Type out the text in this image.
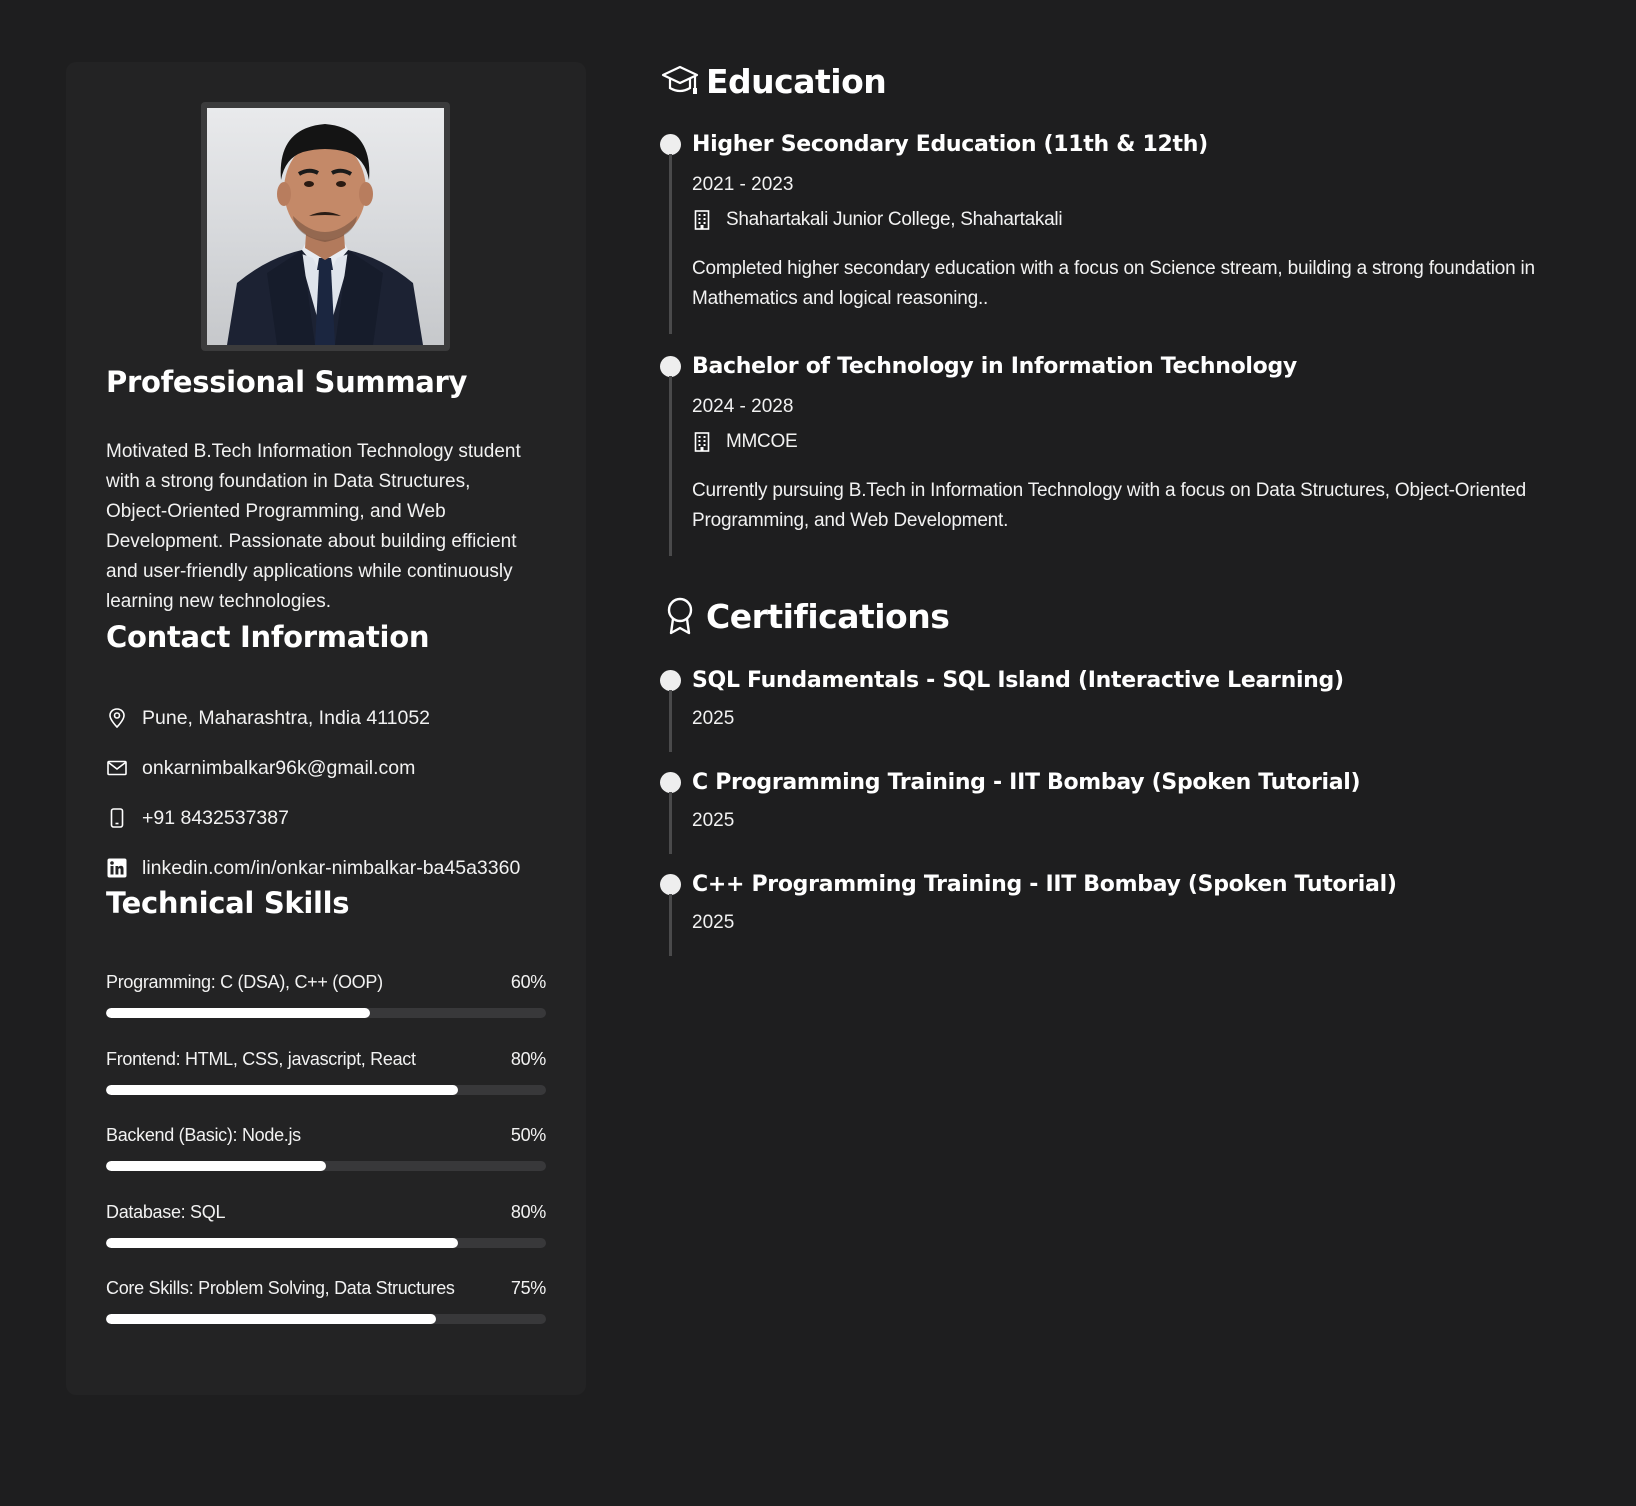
Professional Summary
Motivated B.Tech Information Technology student with a strong foundation in Data Structures, Object-Oriented Programming, and Web Development. Passionate about building efficient and user-friendly applications while continuously learning new technologies.
Contact Information
Pune, Maharashtra, India 411052
onkarnimbalkar96k@gmail.com
+91 8432537387
linkedin.com/in/onkar-nimbalkar-ba45a3360
Technical Skills
Programming: C (DSA), C++ (OOP)	60%
Frontend: HTML, CSS, javascript, React	80%
Backend (Basic): Node.js	50%
Database: SQL	80%
Core Skills: Problem Solving, Data Structures	75%
Education
Higher Secondary Education (11th & 12th)
2021 - 2023
Shahartakali Junior College, Shahartakali
Completed higher secondary education with a focus on Science stream, building a strong foundation in Mathematics and logical reasoning..
Bachelor of Technology in Information Technology
2024 - 2028
MMCOE
Currently pursuing B.Tech in Information Technology with a focus on Data Structures, Object-Oriented Programming, and Web Development.
Certifications
SQL Fundamentals - SQL Island (Interactive Learning)
2025
C Programming Training - IIT Bombay (Spoken Tutorial)
2025
C++ Programming Training - IIT Bombay (Spoken Tutorial)
2025
